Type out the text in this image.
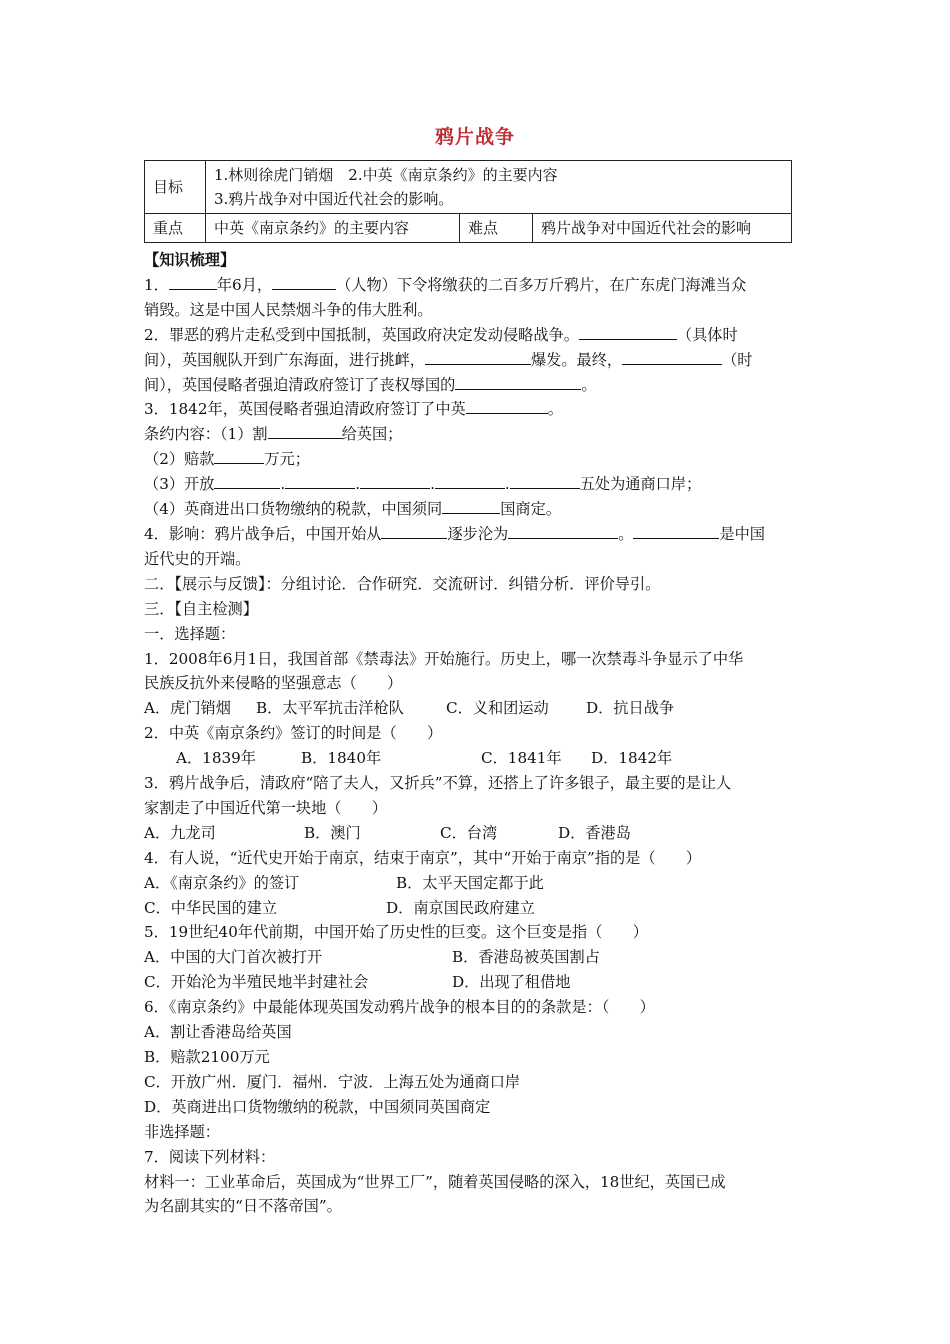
鸦片战争
目标	1.林则徐虎门销烟　2.中英《南京条约》的主要内容
3.鸦片战争对中国近代社会的影响。		

重点	中英《南京条约》的主要内容	难点	鸦片战争对中国近代社会的影响

【知识梳理】

1．	年6月，	（人物）下令将缴获的二百多万斤鸦片，在广东虎门海滩当众

销毁。这是中国人民禁烟斗争的伟大胜利。

2．罪恶的鸦片走私受到中国抵制，英国政府决定发动侵略战争。	（具体时

间），英国舰队开到广东海面，进行挑衅，	爆发。最终，	（时

间），英国侵略者强迫清政府签订了丧权辱国的	。

3．1842年，英国侵略者强迫清政府签订了中英	。

条约内容：（1）割	给英国；

（2）赔款	万元；

（3）开放	.	.	.	.	五处为通商口岸；

（4）英商进出口货物缴纳的税款，中国须同	国商定。

4．影响：鸦片战争后，中国开始从	逐步沦为	。	是中国

近代史的开端。

二．【展示与反馈】：分组讨论．合作研究．交流研讨．纠错分析．评价导引。

三．【自主检测】

一．选择题：

1．2008年6月1日，我国首部《禁毒法》开始施行。历史上，哪一次禁毒斗争显示了中华

民族反抗外来侵略的坚强意志（　　）

A．虎门销烟 B．太平军抗击洋枪队	C．义和团运动 D．抗日战争

2．中英《南京条约》签订的时间是（　　）

A．1839年	B．1840年	C．1841年 D．1842年

3．鸦片战争后，清政府“陪了夫人，又折兵”不算，还搭上了许多银子，最主要的是让人

家割走了中国近代第一块地（　　）

A．九龙司	B．澳门	C．台湾	D．香港岛

4．有人说，“近代史开始于南京，结束于南京”，其中“开始于南京”指的是（　　）

A．《南京条约》的签订	B．太平天国定都于此

C．中华民国的建立	D．南京国民政府建立

5．19世纪40年代前期，中国开始了历史性的巨变。这个巨变是指（　　）

A．中国的大门首次被打开	B．香港岛被英国割占

C．开始沦为半殖民地半封建社会	D．出现了租借地

6．《南京条约》中最能体现英国发动鸦片战争的根本目的的条款是：（　　）

A．割让香港岛给英国

B．赔款2100万元

C．开放广州．厦门．福州．宁波．上海五处为通商口岸

D．英商进出口货物缴纳的税款，中国须同英国商定

非选择题：

7．阅读下列材料：

材料一：工业革命后，英国成为“世界工厂”，随着英国侵略的深入，18世纪，英国已成

为名副其实的“日不落帝国”。
